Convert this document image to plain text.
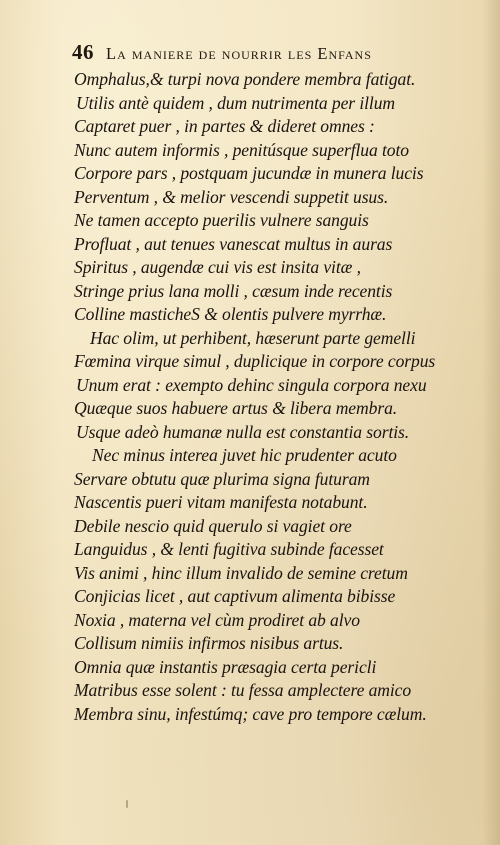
46 La maniere de nourrir les Enfans
Omphalus,& turpi nova pondere membra fatigat.
Utilis antè quidem , dum nutrimenta per illum
Captaret puer , in partes & dideret omnes :
Nunc autem informis , penitúsque superflua toto
Corpore pars , postquam jucundæ in munera lucis
Perventum , & melior vescendi suppetit usus.
Ne tamen accepto puerilis vulnere sanguis
Profluat , aut tenues vanescat multus in auras
Spiritus , augendæ cui vis est insita vitæ ,
Stringe prius lana molli , cæsum inde recentis
Colline masticheS & olentis pulvere myrrhæ.
Hac olim, ut perhibent, hæserunt parte gemelli
Fœmina virque simul , duplicique in corpore corpus
Unum erat : exempto dehinc singula corpora nexu
Quæque suos habuere artus & libera membra.
Usque adeò humanæ nulla est constantia sortis.
Nec minus interea juvet hic prudenter acuto
Servare obtutu quæ plurima signa futuram
Nascentis pueri vitam manifesta notabunt.
Debile nescio quid querulo si vagiet ore
Languidus , & lenti fugitiva subinde facesset
Vis animi , hinc illum invalido de semine cretum
Conjicias licet , aut captivum alimenta bibisse
Noxia , materna vel cùm prodiret ab alvo
Collisum nimiis infirmos nisibus artus.
Omnia quæ instantis præsagia certa pericli
Matribus esse solent : tu fessa amplectere amico
Membra sinu, infestúmq; cave pro tempore cælum.
